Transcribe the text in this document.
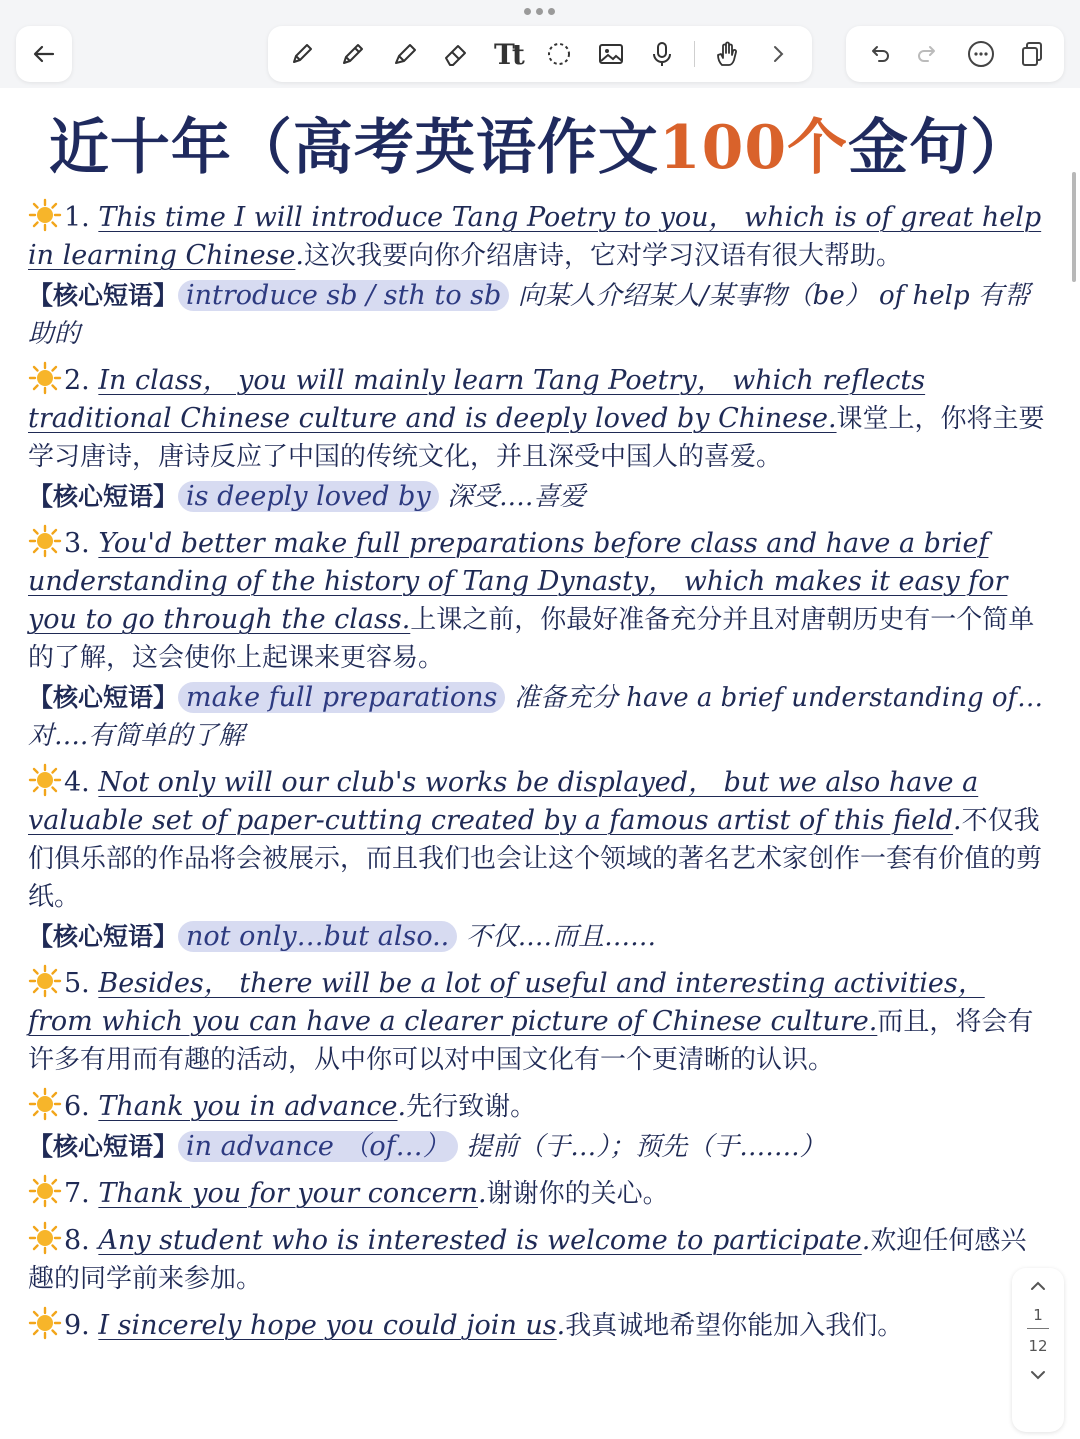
Tt
近十年（高考英语作文100个金句）
1. This time I will introduce Tang Poetry to you， which is of great help in learning Chinese.这次我要向你介绍唐诗，它对学习汉语有很大帮助。
【核心短语】 introduce sb / sth to sb 向某人介绍某人/某事物（be） of help 有帮助的
2. In class， you will mainly learn Tang Poetry， which reflects traditional Chinese culture and is deeply loved by Chinese.课堂上，你将主要学习唐诗，唐诗反应了中国的传统文化，并且深受中国人的喜爱。
【核心短语】 is deeply loved by 深受.…喜爱
3. You'd better make full preparations before class and have a brief understanding of the history of Tang Dynasty， which makes it easy for you to go through the class.上课之前，你最好准备充分并且对唐朝历史有一个简单的了解，这会使你上起课来更容易。
【核心短语】 make full preparations 准备充分 have a brief understanding of… 对….有简单的了解
4. Not only will our club's works be displayed， but we also have a valuable set of paper-cutting created by a famous artist of this field.不仅我们俱乐部的作品将会被展示，而且我们也会让这个领域的著名艺术家创作一套有价值的剪纸。
【核心短语】 not only…but also.. 不仅.…而且……
5. Besides， there will be a lot of useful and interesting activities， from which you can have a clearer picture of Chinese culture.而且，将会有许多有用而有趣的活动，从中你可以对中国文化有一个更清晰的认识。
6. Thank you in advance.先行致谢。
【核心短语】 in advance （of…） 提前（于…）；预先（于…….）
7. Thank you for your concern.谢谢你的关心。
8. Any student who is interested is welcome to participate.欢迎任何感兴趣的同学前来参加。
9. I sincerely hope you could join us.我真诚地希望你能加入我们。	1
12
